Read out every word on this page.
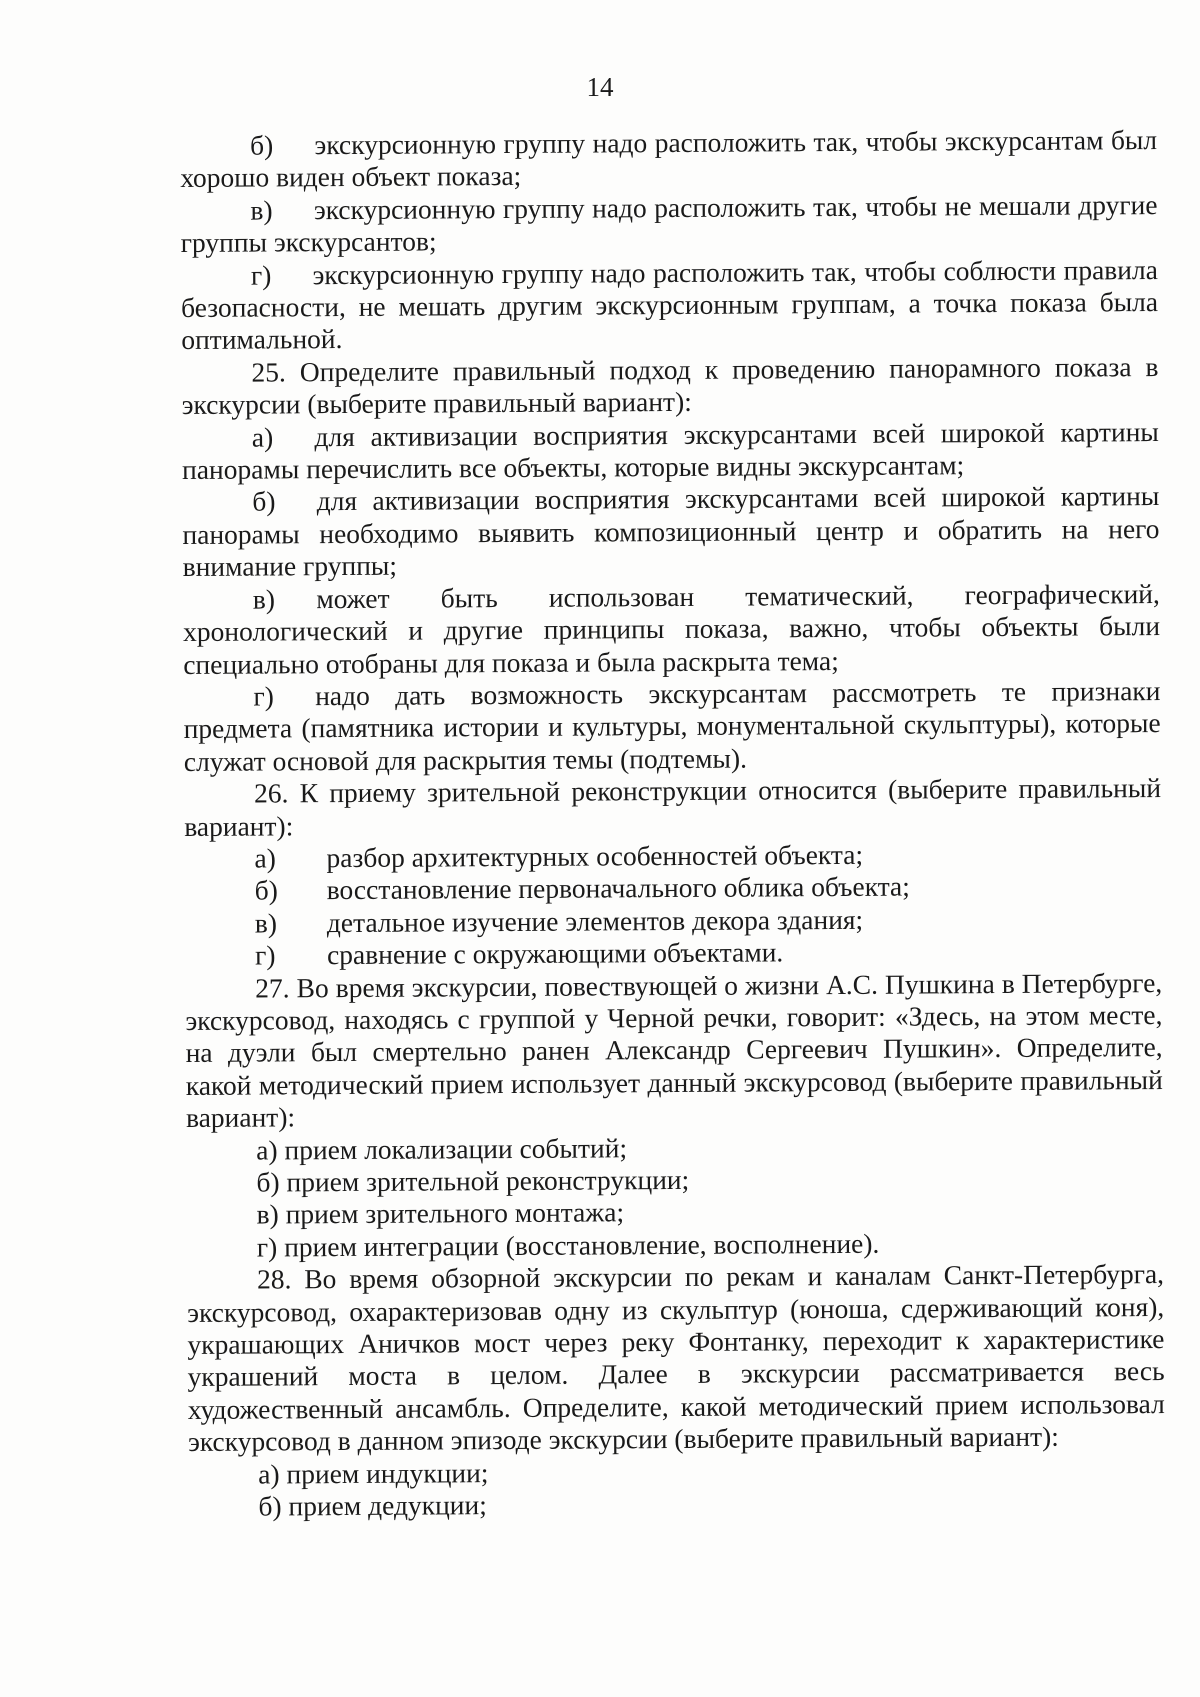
14

б)  экскурсионную группу надо расположить так, чтобы экскурсантам был хорошо виден объект показа;

в)  экскурсионную группу надо расположить так, чтобы не мешали другие группы экскурсантов;

г)  экскурсионную группу надо расположить так, чтобы соблюсти правила безопасности, не мешать другим экскурсионным группам, а точка показа была оптимальной.

25. Определите правильный подход к проведению панорамного показа в экскурсии (выберите правильный вариант):

а)  для активизации восприятия экскурсантами всей широкой картины панорамы перечислить все объекты, которые видны экскурсантам;

б)  для активизации восприятия экскурсантами всей широкой картины панорамы необходимо выявить композиционный центр и обратить на него внимание группы;

в)  может быть использован тематический, географический, хронологический и другие принципы показа, важно, чтобы объекты были специально отобраны для показа и была раскрыта тема;

г)  надо дать возможность экскурсантам рассмотреть те признаки предмета (памятника истории и культуры, монументальной скульптуры), которые служат основой для раскрытия темы (подтемы).

26. К приему зрительной реконструкции относится (выберите правильный вариант):

а)	разбор архитектурных особенностей объекта;

б)	восстановление первоначального облика объекта;

в)	детальное изучение элементов декора здания;

г)	сравнение с окружающими объектами.

27. Во время экскурсии, повествующей о жизни А.С. Пушкина в Петербурге, экскурсовод, находясь с группой у Черной речки, говорит: «Здесь, на этом месте, на дуэли был смертельно ранен Александр Сергеевич Пушкин». Определите, какой методический прием использует данный экскурсовод (выберите правильный вариант):

а) прием локализации событий;

б) прием зрительной реконструкции;

в) прием зрительного монтажа;

г) прием интеграции (восстановление, восполнение).

28. Во время обзорной экскурсии по рекам и каналам Санкт-Петербурга, экскурсовод, охарактеризовав одну из скульптур (юноша, сдерживающий коня), украшающих Аничков мост через реку Фонтанку, переходит к характеристике украшений моста в целом. Далее в экскурсии рассматривается весь художественный ансамбль. Определите, какой методический прием использовал экскурсовод в данном эпизоде экскурсии (выберите правильный вариант):

а) прием индукции;

б) прием дедукции;
